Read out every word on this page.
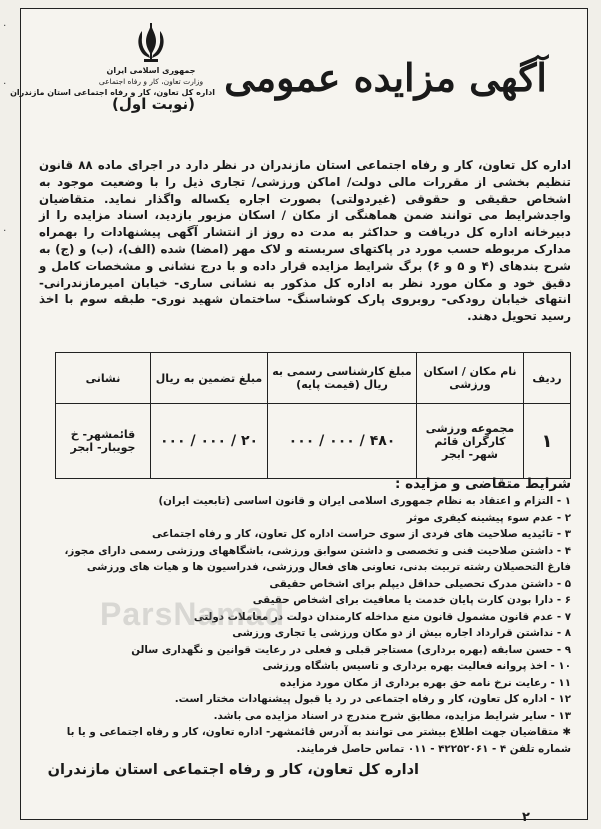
۰
۰
۰
آگهی مزایده عمومی
(نوبت اول)
جمهوری اسلامی ایران
وزارت تعاون، کار و رفاه اجتماعی
اداره کل تعاون، کار و رفاه اجتماعی استان مازندران
اداره کل تعاون، کار و رفاه اجتماعی استان مازندران در نظر دارد در اجرای ماده ۸۸ قانون تنظیم بخشی از مقررات مالی دولت/ اماکن ورزشی/ تجاری ذیل را با وضعیت موجود به اشخاص حقیقی و حقوقی (غیردولتی) بصورت اجاره یکساله واگذار نماید. متقاضیان واجدشرایط می توانند ضمن هماهنگی از مکان / اسکان مزبور بازدید، اسناد مزایده را از دبیرخانه اداره کل دریافت و حداکثر به مدت ده روز از انتشار آگهی پیشنهادات را بهمراه مدارک مربوطه حسب مورد در پاکتهای سربسته و لاک مهر (امضا) شده (الف)، (ب) و (ج) به شرح بندهای (۴ و ۵ و ۶) برگ شرایط مزایده قرار داده و با درج نشانی و مشخصات کامل و دقیق خود و مکان مورد نظر به اداره کل مذکور به نشانی ساری- خیابان امیرمازندرانی- انتهای خیابان رودکی- روبروی پارک کوشاسنگ- ساختمان شهید نوری- طبقه سوم با اخذ رسید تحویل دهند.
ردیف	نام مکان / اسکان ورزشی	مبلغ کارشناسی رسمی به ریال (قیمت پایه)	مبلغ تضمین به ریال	نشانی
۱	مجموعه ورزشی کارگران قائم شهر- ابجر	۴۸۰ / ۰۰۰ / ۰۰۰	۲۰ / ۰۰۰ / ۰۰۰	قائمشهر- خ جویبار- ابجر
شرایط متقاضی و مزایده :
۱ - التزام و اعتقاد به نظام جمهوری اسلامی ایران و قانون اساسی (تابعیت ایران)
۲ - عدم سوء پیشینه کیفری موثر
۳ - تائیدیه صلاحیت های فردی از سوی حراست اداره کل تعاون، کار و رفاه اجتماعی
۴ - داشتن صلاحیت فنی و تخصصی و داشتن سوابق ورزشی، باشگاههای ورزشی رسمی دارای مجوز، فارغ التحصیلان رشته تربیت بدنی، تعاونی های فعال ورزشی، فدراسیون ها و هیات های ورزشی
۵ - داشتن مدرک تحصیلی حداقل دیپلم برای اشخاص حقیقی
۶ - دارا بودن کارت پایان خدمت یا معافیت برای اشخاص حقیقی
۷ - عدم قانون مشمول قانون منع مداخله کارمندان دولت در معاملات دولتی
۸ - نداشتن قرارداد اجاره بیش از دو مکان ورزشی یا تجاری ورزشی
۹ - حسن سابقه (بهره برداری) مستاجر قبلی و فعلی در رعایت قوانین و نگهداری سالن
۱۰ - اخذ پروانه فعالیت بهره برداری و تاسیس باشگاه ورزشی
۱۱ - رعایت نرخ نامه حق بهره برداری از مکان مورد مزایده
۱۲ - اداره کل تعاون، کار و رفاه اجتماعی در رد یا قبول پیشنهادات مختار است.
۱۳ - سایر شرایط مزایده، مطابق شرح مندرج در اسناد مزایده می باشد.
✱ متقاضیان جهت اطلاع بیشتر می توانند به آدرس قائمشهر- اداره تعاون، کار و رفاه اجتماعی و یا با شماره تلفن ۴ - ۴۲۲۵۲۰۶۱ - ۰۱۱ تماس حاصل فرمایند.
اداره کل تعاون، کار و رفاه اجتماعی استان مازندران
ParsNamad
۲
